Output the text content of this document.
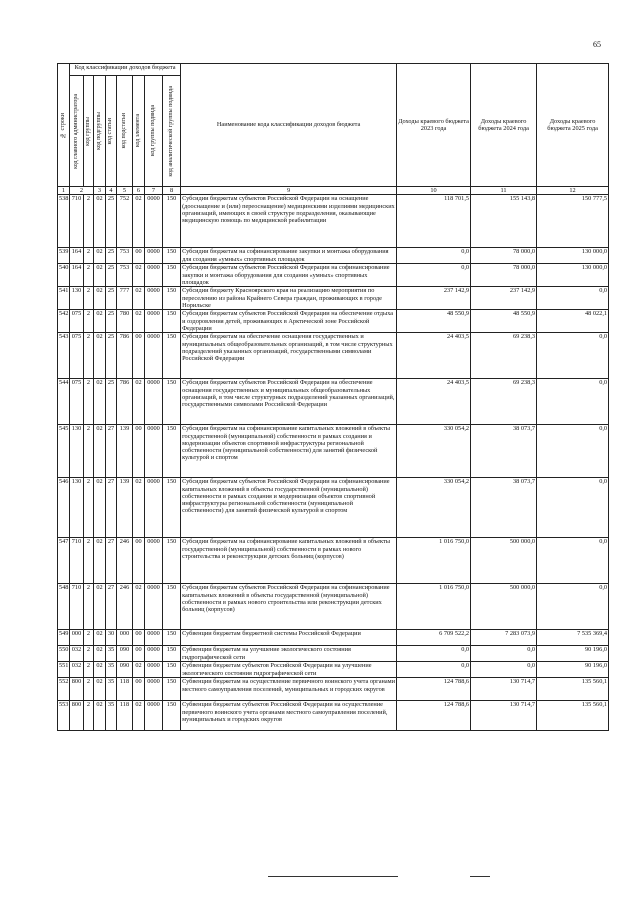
65
№ строки	Код классификации доходов бюджета								Наименование кода классификации доходов бюджета	Доходы краевого бюджета 2023 года	Доходы краевого бюджета 2024 года	Доходы краевого бюджета 2025 года

	код главного администратора	код группы	код подгруппы	код статьи	код подстатьи	код элемента	код группы подвида	код аналитической группы подвида				

1	2		3	4	5	6	7	8	9	10	11	12
538	710	2	02	25	752	02	0000	150	Субсидии бюджетам субъектов Российской Федерации на оснащение (дооснащение и (или) переоснащение) медицинскими изделиями медицинских организаций, имеющих в своей структуре подразделения, оказывающие медицинскую помощь по медицинской реабилитации	118 701,5	155 143,8	150 777,5
539	164	2	02	25	753	00	0000	150	Субсидии бюджетам на софинансирование закупки и монтажа оборудования для создания «умных» спортивных площадок	0,0	78 000,0	130 000,0
540	164	2	02	25	753	02	0000	150	Субсидии бюджетам субъектов Российской Федерации на софинансирование закупки и монтажа оборудования для создания «умных» спортивных площадок	0,0	78 000,0	130 000,0
541	130	2	02	25	777	02	0000	150	Субсидии бюджету Красноярского края на реализацию мероприятия по переселению из района Крайнего Севера граждан, проживающих в городе Норильске	237 142,9	237 142,9	0,0
542	075	2	02	25	780	02	0000	150	Субсидии бюджетам субъектов Российской Федерации на обеспечение отдыха и оздоровления детей, проживающих в Арктической зоне Российской Федерации	48 550,9	48 550,9	48 022,1
543	075	2	02	25	786	00	0000	150	Субсидии бюджетам на обеспечение оснащения государственных и муниципальных общеобразовательных организаций, в том числе структурных подразделений указанных организаций, государственными символами Российской Федерации	24 403,5	69 238,3	0,0
544	075	2	02	25	786	02	0000	150	Субсидии бюджетам субъектов Российской Федерации на обеспечение оснащения государственных и муниципальных общеобразовательных организаций, в том числе структурных подразделений указанных организаций, государственными символами Российской Федерации	24 403,5	69 238,3	0,0
545	130	2	02	27	139	00	0000	150	Субсидии бюджетам на софинансирование капитальных вложений в объекты государственной (муниципальной) собственности в рамках создания и модернизации объектов спортивной инфраструктуры региональной собственности (муниципальной собственности) для занятий физической культурой и спортом	330 054,2	38 073,7	0,0
546	130	2	02	27	139	02	0000	150	Субсидии бюджетам субъектов Российской Федерации на софинансирование капитальных вложений в объекты государственной (муниципальной) собственности в рамках создания и модернизации объектов спортивной инфраструктуры региональной собственности (муниципальной собственности) для занятий физической культурой и спортом	330 054,2	38 073,7	0,0
547	710	2	02	27	246	00	0000	150	Субсидии бюджетам на софинансирование капитальных вложений в объекты государственной (муниципальной) собственности в рамках нового строительства и реконструкции детских больниц (корпусов)	1 016 750,0	500 000,0	0,0
548	710	2	02	27	246	02	0000	150	Субсидии бюджетам субъектов Российской Федерации на софинансирование капитальных вложений в объекты государственной (муниципальной) собственности в рамках нового строительства или реконструкции детских больниц (корпусов)	1 016 750,0	500 000,0	0,0
549	000	2	02	30	000	00	0000	150	Субвенции бюджетам бюджетной системы Российской Федерации	6 709 522,2	7 283 073,9	7 535 369,4
550	032	2	02	35	090	00	0000	150	Субвенции бюджетам на улучшение экологического состояния гидрографической сети	0,0	0,0	90 196,0
551	032	2	02	35	090	02	0000	150	Субвенции бюджетам субъектов Российской Федерации на улучшение экологического состояния гидрографической сети	0,0	0,0	90 196,0
552	800	2	02	35	118	00	0000	150	Субвенции бюджетам на осуществление первичного воинского учета органами местного самоуправления поселений, муниципальных и городских округов	124 788,6	130 714,7	135 560,1
553	800	2	02	35	118	02	0000	150	Субвенции бюджетам субъектов Российской Федерации на осуществление первичного воинского учета органами местного самоуправления поселений, муниципальных и городских округов	124 788,6	130 714,7	135 560,1
